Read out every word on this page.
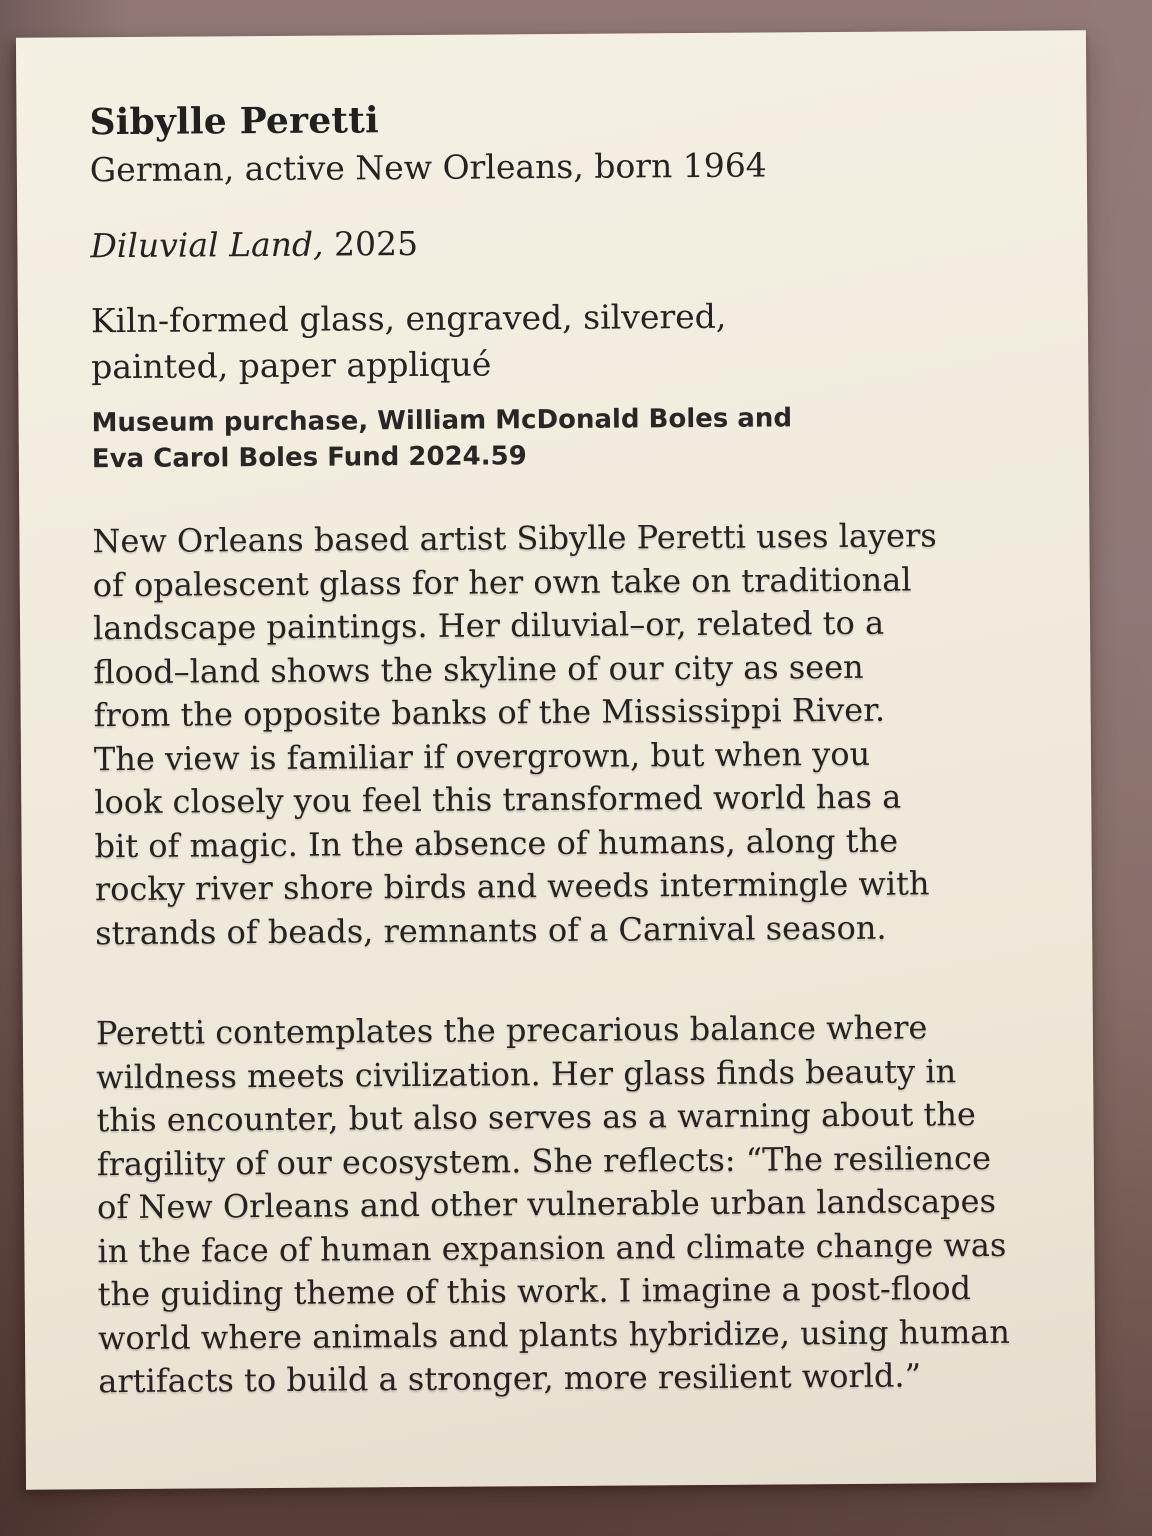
Sibylle Peretti
German, active New Orleans, born 1964
Diluvial Land, 2025
Kiln-formed glass, engraved, silvered,
painted, paper appliqué
Museum purchase, William McDonald Boles and
Eva Carol Boles Fund 2024.59
New Orleans based artist Sibylle Peretti uses layers
of opalescent glass for her own take on traditional
landscape paintings. Her diluvial–or, related to a
flood–land shows the skyline of our city as seen
from the opposite banks of the Mississippi River.
The view is familiar if overgrown, but when you
look closely you feel this transformed world has a
bit of magic. In the absence of humans, along the
rocky river shore birds and weeds intermingle with
strands of beads, remnants of a Carnival season.
Peretti contemplates the precarious balance where
wildness meets civilization. Her glass finds beauty in
this encounter, but also serves as a warning about the
fragility of our ecosystem. She reflects: “The resilience
of New Orleans and other vulnerable urban landscapes
in the face of human expansion and climate change was
the guiding theme of this work. I imagine a post-flood
world where animals and plants hybridize, using human
artifacts to build a stronger, more resilient world.”
